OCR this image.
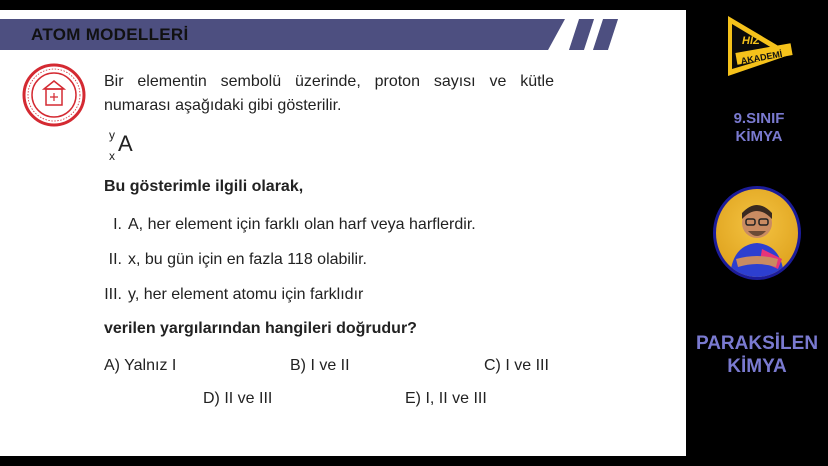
ATOM MODELLERİ
Bir elementin sembolü üzerinde, proton sayısı ve kütle numarası aşağıdaki gibi gösterilir.
y
x A
Bu gösterimle ilgili olarak,
I. A, her element için farklı olan harf veya harflerdir.
II. x, bu gün için en fazla 118 olabilir.
III. y, her element atomu için farklıdır
verilen yargılarından hangileri doğrudur?
A) Yalnız I	B) I ve II	C) I ve III
D) II ve III	E) I, II ve III
HIZ
AKADEMİ
9.SINIF
KİMYA
PARAKSİLEN
KİMYA
